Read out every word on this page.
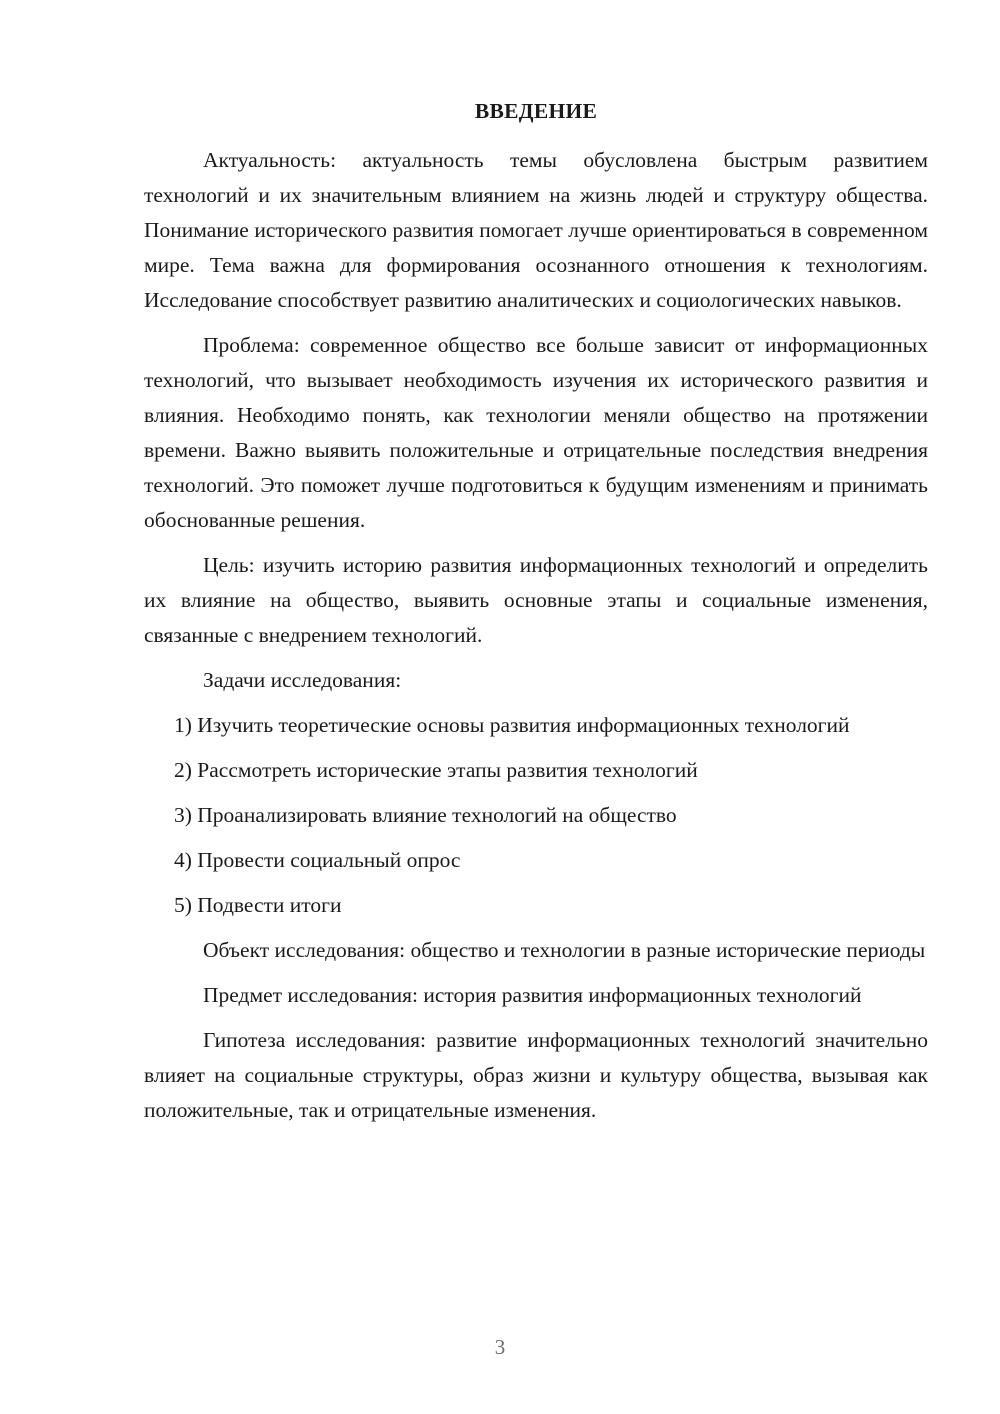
ВВЕДЕНИЕ

Актуальность: актуальность темы обусловлена быстрым развитием технологий и их значительным влиянием на жизнь людей и структуру общества. Понимание исторического развития помогает лучше ориентироваться в современном мире. Тема важна для формирования осознанного отношения к технологиям. Исследование способствует развитию аналитических и социологических навыков.

Проблема: современное общество все больше зависит от информационных технологий, что вызывает необходимость изучения их исторического развития и влияния. Необходимо понять, как технологии меняли общество на протяжении времени. Важно выявить положительные и отрицательные последствия внедрения технологий. Это поможет лучше подготовиться к будущим изменениям и принимать обоснованные решения.

Цель: изучить историю развития информационных технологий и определить их влияние на общество, выявить основные этапы и социальные изменения, связанные с внедрением технологий.

Задачи исследования:

1) Изучить теоретические основы развития информационных технологий

2) Рассмотреть исторические этапы развития технологий

3) Проанализировать влияние технологий на общество

4) Провести социальный опрос

5) Подвести итоги

Объект исследования: общество и технологии в разные исторические периоды

Предмет исследования: история развития информационных технологий

Гипотеза исследования: развитие информационных технологий значительно влияет на социальные структуры, образ жизни и культуру общества, вызывая как положительные, так и отрицательные изменения.

3
